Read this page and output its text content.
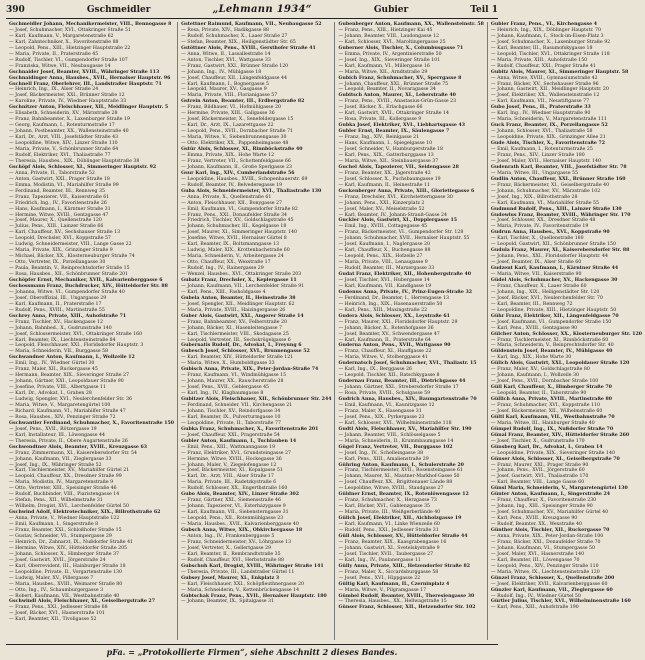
390	Gschmeidler	„Lehmann 1934“	Gubier	Teil 1

Gschmeidler Johann, Mechanikermeister, VIII., Bennogasse 8

— Josef, Schuhmacher, XVI., Ottakringer Straße 51

— Karl, Kaufmann, V., Margaretenstraße 62

— Karl, Zahntechniker, X., Favoritenstraße 88

— Leopold, Pens., XIII., Hietzinger Hauptstraße 22

— Maria, Private, II., Praterstraße 45

— Rudolf, Tischler, VI., Gumpendorfer Straße 107

— Franziska, Witwe, VII., Neubaugasse 14

Gschnaider Josef, Beamter, XVIII., Währinger Straße 113

Gschnaidinger Anna, Hausbes., XVII., Hernalser Hauptstr. 96

Gschnell Franz, Oberlehrer, III., Landstraßer Hauptstr. 71

— Heinrich, Ing., IX., Alser Straße 24

— Josef, Bäckermeister, XXI., Brünner Straße 12

— Karoline, Private, IV., Wiedner Hauptstraße 33

Gschnitzer Anton, Fleischhauer, XII., Meidlinger Hauptstr. 5

— Elisabeth, Schneiderin, XV., Märzstraße 28

— Franz, Bahnbeamter, X., Laxenburger Straße 19

— Georg, Kaufmann, I., Rotenturmstraße 17

— Johann, Postbeamter, XX., Wallensteinstraße 40

— Karl, Dr., Arzt, VIII., Josefstädter Straße 43

— Leopoldine, Witwe, XIV., Linzer Straße 110

— Maria, Private, V., Schönbrunner Straße 64

— Rudolf, Elektriker, XVI., Thaliastraße 77

— Theresia, Hausbes., XIX., Döblinger Hauptstraße 38

Gschöpf Alois, Schlosser, XI., Simmeringer Hauptstr. 92

— Anna, Private, II., Taborstraße 52

— Anton, Gastwirt, XXI., Prager Straße 18

— Emma, Modistin, VI., Mariahilfer Straße 99

— Ferdinand, Beamter, III., Rennweg 35

— Franz, Tapezierer, VII., Kaiserstraße 61

— Friedrich, Ing., IV., Favoritenstraße 26

— Hans, Kaufmann, I., Kärntner Straße 31

— Hermine, Witwe, XVIII., Gentzgasse 47

— Josef, Maurer, X., Quellenstraße 120

— Julius, Pens., XIII., Lainzer Straße 66

— Karl, Chauffeur, XV., Sechshauser Straße 13

— Leopold, Drechsler, XVI., Koppstraße 57

— Ludwig, Schneidermeister, VIII., Lange Gasse 22

— Maria, Private, XIX., Grinzinger Straße 9

— Michael, Bäcker, XX., Klosterneuburger Straße 74

— Otto, Vertreter, IX., Porzellangasse 30

— Paula, Beamtin, V., Reinprechtsdorfer Straße 15

— Rosa, Hausbes., XII., Schönbrunner Straße 201

Gschöpfer Ernst, Mechaniker, XVII., Kalvarienberggasse 6

Gschossmann Franz, Buchdrucker, XIV., Hütteldorfer Str. 88

— Johanna, Witwe, VI., Gumpendorfer Straße 40

— Josef, Oberoffizial, III., Ungargasse 29

— Karl, Kaufmann, II., Praterstraße 17

— Rudolf, Pens., XVIII., Martinstraße 55

Gschrey Anna, Private, XIII., Auhofstraße 71

— Franz, Tischler, XV., Hackengasse 12

— Johann, Bahnbed., X., Gudrunstraße 140

— Josef, Schlossermeister, XVI., Ottakringer Straße 160

— Karl, Beamter, IX., Liechtensteinstraße 84

— Leopold, Fleischhauer, XXI., Floridsdorfer Hauptstr. 3

— Maria, Schneiderin, VII., Burggasse 58

Gschwandner Anton, Kaufmann, I., Wollzeile 12

— Emil, Ing., IV., Wiedner Gürtel 30

— Franz, Maler, XII., Ruckergasse 45

— Hermann, Beamter, XIX., Sieveringer Straße 27

— Johann, Gärtner, XXI., Leopoldauer Straße 90

— Josefine, Private, VIII., Albertgasse 11

— Karl, Dr., Advokat, I., Graben 28

— Ludwig, Spengler, XVI., Neulerchenfelder Str. 36

— Maria, Witwe, V., Margaretengürtel 100

— Richard, Kaufmann, VI., Mariahilfer Straße 47

— Rosa, Hausbes., XIV., Penzinger Straße 72

Gschwantler Ferdinand, Schuhmacher, X., Favoritenstraße 150

— Josef, Pens., XVII., Rötzergasse 19

— Karl, Installateur, III., Löwengasse 44

— Theresia, Private, II., Obere Augartenstraße 26

Gschwendtner Alois, Beamter, XVIII., Kreuzgasse 63

— Franz, Zimmermann, XI., Kaiserebersdorfer Str. 54

— Johann, Kaufmann, VII., Zieglergasse 33

— Josef, Ing., IX., Währinger Straße 52

— Karl, Tischlermeister, XV., Mariahilfer Gürtel 21

— Leopold, Chauffeur, XX., Dresdner Straße 99

— Maria, Modistin, IV., Margaretenstraße 9

— Otto, Vertreter, XIII., Speisinger Straße 46

— Rudolf, Buchbinder, VIII., Piaristengasse 14

— Stefan, Pens., XII., Wilhelmstraße 31

— Wilhelm, Drogist, XVI., Lerchenfelder Gürtel 50

Gschwind Adolf, Elektrotechniker, XIX., Billrothstraße 62

— Anna, Private, V., Wiedner Hauptstraße 122

— Emil, Kaufmann, I., Singerstraße 8

— Franz, Beamter, XXI., Schloßhofer Straße 15

— Gustav, Schneider, VI., Stumpergasse 29

— Heinrich, Dr., Zahnarzt, IX., Nußdorfer Straße 41

— Hermine, Witwe, XIV., Hütteldorfer Straße 205

— Johann, Schlosser, X., Himberger Straße 37

— Josef, Gastwirt, XVII., Jörgerstraße 24

— Karl, Oberrevident, III., Hainburger Straße 18

— Leopoldine, Private, II., Vorgartenstraße 130

— Ludwig, Maler, XV., Pillergasse 7

— Maria, Hausbes., XVIII., Weimarer Straße 80

— Otto, Ing., IV., Schaumburgergasse 3

— Robert, Kaufmann, VII., Westbahnstraße 40

Gschwindl Alois, Fleischhauer, XI., Geiselbergstraße 27

— Franz, Pens., XXI., Jedleseer Straße 68

— Josef, Bäcker, XVI., Hasnerstraße 101

— Karl, Beamter, XII., Tivoligasse 52

Gstettner Raimund, Kaufmann, VII., Neubaugasse 52

— Rosa, Private, XIV., Hadikgasse 88

— Rudolf, Schuhmacher, X., Laaer Straße 27

— Stefan, Beamter, XIX., Heiligenstädter Str. 65

Gstöttner Alois, Pens., XVIII., Gersthofer Straße 41

— Anna, Witwe, II., Lassallestraße 14

— Anton, Tischler, XVI., Wattgasse 33

— Franz, Gastwirt, XXI., Brünner Straße 120

— Johann, Ing., IV., Mühlgasse 18

— Josef, Chauffeur, XII., Längenfeldgasse 44

— Karl, Kaufmann, I., Bognergasse 5

— Leopold, Maurer, XV., Gasgasse 9

— Maria, Private, VIII., Florianigasse 57

Gstrein Anton, Beamter, III., Erdbergstraße 82

— Franz, Bildhauer, VI., Hofmühlgasse 20

— Hermine, Private, XIII., Gallgasse 36

— Josef, Bäckermeister, X., Senefeldergasse 15

— Karl, Dr., Arzt, IX., Lazarettgasse 22

— Leopold, Pens., XVII., Dornbacher Straße 71

— Maria, Witwe, V., Siebenbrunnengasse 30

— Otto, Elektriker, XX., Pappenheimgasse 48

Gstür Alois, Schlosser, XI., Rinnböckstraße 40

— Emma, Private, XIX., Hohe Warte 12

— Franz, Vertreter, VII., Schottenfeldgasse 66

— Johann, Kaufmann, II., Große Sperlgasse 23

Gsur Karl, Ing., XIV., Cumberlandstraße 56

— Leopoldine, Hausbes., XVIII., Schopenhauerstr. 69

— Rudolf, Beamter, IV., Belvederegasse 19

Guba Alois, Schneidermeister, XVI., Thaliastraße 130

— Anna, Private, X., Quellenstraße 61

— Anton, Fleischhauer, XII., Bonygasse 27

— Emil, Kaufmann, VI., Gumpendorfer Straße 82

— Franz, Pens., XXI., Donaufelder Straße 34

— Friedrich, Tischler, XV., Goldschlagstraße 45

— Johann, Schuhmacher, III., Kegelgasse 18

— Josef, Maurer, XI., Simmeringer Hauptstr. 140

— Josefine, Witwe, XVII., Hernalser Gürtel 8

— Karl, Beamter, IX., Boltzmanngasse 13

— Ludwig, Maler, XIX., Krottenbachstraße 60

— Maria, Schneiderin, V., Arbeitergasse 24

— Otto, Chauffeur, XX., Wexstraße 17

— Rudolf, Ing., IV., Rainergasse 29

— Wenzel, Hausbes., XVI., Ottakringer Straße 203

Gubatz Franz, Drechsler, X., Keplergasse 11

— Johann, Kaufmann, VII., Lerchenfelder Straße 91

— Karl, Pens., XIII., Fasholdgasse 4

Gubela Anton, Beamter, II., Heinestraße 38

— Josef, Spengler, XII., Meidlinger Hauptstr. 62

— Maria, Private, XVIII., Haizingergasse 26

Guber Alois, Gastwirt, XXI., Angerer Straße 14

— Franz, Bahnbeamter, XV., Felberstraße 20

— Johann, Bäcker, XI., Hasenleitengasse 7

— Karl, Tischlermeister, VIII., Skodagasse 25

— Leopold, Vertreter, III., Sechskrügelgasse 6

Gubernatis Rudolf, Dr., Advokat, I., Freyung 6

Gubesch Josef, Schlosser, XVI., Brunnengasse 52

— Karl, Beamter, XIV., Hütteldorfer Straße 121

— Maria, Witwe, X., Humboldtgasse 33

Gubisch Anna, Private, XIX., Peter-Jordan-Straße 74

— Franz, Kaufmann, VI., Windmühlgasse 15

— Johann, Maurer, XX., Rauscherstraße 28

— Josef, Pens., XVII., Geblergasse 45

— Karl, Ing., IV., Klagbaumgasse 8

Gubitzer Alois, Fleischhauer, XII., Schönbrunner Str. 244

— Ferdinand, Schneider, VII., Kirchengasse 21

— Johann, Tischler, XV., Reindorfgasse 34

— Karl, Beamter, IX., Pulverturmgasse 10

— Leopoldine, Private, II., Taborstraße 77

Gubka Franz, Schuhmacher, X., Favoritenstraße 201

— Josef, Chauffeur, XXI., Pragerstraße 54

Gubler Anton, Kaufmann, I., Tuchlauben 14

— Emil, Pens., XIII., Wattmanngasse 19

— Franz, Elektriker, XVI., Grundsteingasse 27

— Hermine, Witwe, XVIII., Hockegasse 36

— Johann, Maler, V., Ziegelofengasse 12

— Josef, Bäckermeister, XI., Kopalgasse 51

— Karl, Dr., Arzt, VIII., Alser Straße 17

— Maria, Private, III., Radetzkystraße 6

— Rudolf, Schlosser, XX., Engerthstraße 160

Gubo Alois, Beamter, XIV., Linzer Straße 302

— Franz, Gärtner, XXI., Siemensstraße 46

— Johann, Tapezierer, VI., Esterházygasse 9

— Karl, Kaufmann, VII., Siebensterngasse 31

— Leopold, Pens., XII., Rotenmühlgasse 23

— Maria, Hausbes., XVII., Kalvarienberggasse 40

Gubsch Anna, Witwe, XIX., Obkirchergasse 18

— Anton, Ing., IV., Frankenberggasse 5

— Franz, Schneidermeister, XV., Löhrgasse 13

— Josef, Vertreter, X., Gellertgasse 29

— Karl, Beamter, II., Rembrandtstraße 35

— Rudolf, Chauffeur, XVI., Herbststraße 88

Gubschuh Karl, Drogist, XVIII., Währinger Straße 141

— Theresia, Private, III., Landstraßer Gürtel 11

Gubsey Josef, Maurer, XI., Enkplatz 3

— Karl, Fleischhauer, XXI., Schöpfleuthnergasse 20

— Maria, Schneiderin, V., Kettenbrückengasse 14

Gubtschak Franz, Pens., XVII., Hernalser Hauptstr. 180

— Johann, Beamter, IX., Spitalgasse 31

Gubenberger Anton, Kaufmann, XX., Wallensteinstr. 58

— Franz, Pens., XIII., Hietzinger Kai 45

— Johann, Beamter, VIII., Laudongasse 12

— Karl, Schlosser, XVI., Maroltingergasse 25

Guberner Alois, Tischler, X., Columbusgasse 71

— Emma, Private, IV., Argentinierstraße 50

— Josef, Ing., XIX., Sieveringer Straße 101

— Karl, Kaufmann, VI., Millergasse 16

— Maria, Witwe, XII., Arndtstraße 29

Gubich Franz, Schuhmacher, XV., Sperrgasse 8

— Johann, Chauffeur, XXI., Brünner Straße 75

— Leopold, Beamter, II., Novaragasse 34

Gubitsch Anton, Maurer, XI., Leberstraße 40

— Franz, Pens., XVIII., Anastasius-Grün-Gasse 23

— Josef, Bäcker, X., Erlachgasse 66

— Karl, Gastwirt, XVII., Ottakringer Straße 14

— Rosa, Private, III., Kollergasse 9

Gubka Josef, Elektriker, XVI., Liebhartsgasse 43

Gubler Ernst, Beamter, IX., Säulengasse 7

— Franz, Ing., XIV., Reinlgasse 21

— Hans, Kaufmann, I., Spiegelgasse 10

— Josef, Schneider, V., Hamburgerstraße 18

— Karl, Pens., XIX., Gatterburggasse 13

— Maria, Witwe, XII., Steinbauergasse 37

Guchel Alois, Tapezierer, VII., Seidengasse 28

— Franz, Beamter, XX., Jägerstraße 42

— Josef, Schlosser, X., Puchsbaumgasse 19

— Karl, Kaufmann, II., Heinestraße 11

Guckenberger Anna, Private, XIII., Gloriettegasse 6

— Franz, Drechsler, XVI., Kirchstetterngasse 30

— Johann, Pens., XXI., Kinzerplatz 2

— Josef, Maler, XV., Meiselstraße 52

— Karl, Beamter, IV., Johann-Strauß-Gasse 24

Guckler Alois, Gastwirt, XI., Dopplergasse 15

— Emil, Ing., XVIII., Cottagegasse 45

— Franz, Bäckermeister, VI., Gumpendorfer Str. 128

— Johann, Schuhmacher, XVII., Hernalser Hauptstr. 55

— Josef, Kaufmann, I., Naglergasse 20

— Karl, Chauffeur, X., Buchengasse 88

— Leopold, Pens., XIX., Hofzeile 27

— Maria, Private, VIII., Lenaugasse 9

— Rudolf, Beamter, III., Marxergasse 33

Gudat Franz, Elektriker, XII., Hohenbergstraße 40

— Josef, Tischler, XVI., Hubergasse 14

— Karl, Kaufmann, VII., Kandlgasse 19

Gudenus Anna, Private, IV., Prinz-Eugen-Straße 32

— Ferdinand, Dr., Beamter, I., Herrengasse 13

— Heinrich, Ing., XIX., Hasenauerstraße 50

— Karl, Pens., XIII., Maxingstraße 22

Gudera Alois, Schlosser, XX., Leystraße 61

— Franz, Maurer, XXI., Floridsdorfer Hauptstr. 29

— Johann, Bäcker, X., Rotenhofgasse 36

— Josef, Beamter, XV., Schwendergasse 47

— Karl, Kaufmann, II., Praterstraße 64

Guderna Anton, Pens., XVII., Wattgasse 90

— Franz, Chauffeur, XI., Hauffgasse 22

— Maria, Witwe, V., Stolberggasse 41

Gudernatsch Josef, Schuhmacher, XVI., Thaliastr. 15

— Karl, Ing., IX., Berggasse 26

— Leopold, Tischler, XII., Ratschkygasse 8

Gudernau Franz, Beamter, III., Dietrichgasse 44

— Johann, Gärtner, XXI., Strebersdorfer Straße 17

— Rosa, Private, XVIII., Schulgasse 59

Gudrich Anna, Hausbes., XIV., Baumgartenstraße 70

— Emil, Kaufmann, VI., Kaunitzgasse 12

— Franz, Maler, X., Hasengasse 31

— Josef, Pens., XIX., Pyrkergasse 23

— Karl, Schlosser, XVI., Wilhelminenstraße 118

Gudtl Alois, Fleischhauer, XV., Mariahilfer Str. 190

— Johann, Beamter, VIII., Schlösselgasse 5

— Maria, Schneiderin, II., Krummbaumgasse 14

Gügel Franz, Vertreter, VII., Burggasse 102

— Josef, Ing., IV., Schelleingasse 38

— Karl, Pens., XIII., Amalienstraße 29

Gühring Anton, Kaufmann, I., Schulerstraße 20

— Franz, Tischlermeister, XVII., Rosensteingasse 61

— Johann, Maurer, XI., Mautner-Markhof-Gasse 50

— Josef, Chauffeur, XX., Brigittenauer Lände 88

— Leopoldine, Witwe, XVIII., Staudgasse 27

Güldner Ernst, Beamter, IX., Rotenlöwengasse 12

— Franz, Schuhmacher, X., Herzgasse 73

— Karl, Bäcker, XVI., Gablenzgasse 35

— Maria, Private, III., Weißgerberlände 40

Gülich Josef, Elektriker, XII., Aichholzgasse 19

— Karl, Kaufmann, VI., Linke Wienzeile 60

— Rudolf, Pens., XXI., Jedleseer Straße 31

Güll Alois, Schlosser, XV., Hütteldorfer Straße 44

— Franz, Beamter, XIX., Kaasgrabengasse 16

— Johann, Gastwirt, XI., Svetelskystraße 9

— Josef, Tischler, XVII., Taubergasse 27

— Karl, Ing., IV., Paulanergasse 11

Gülly Anna, Private, XIII., Hetzendorfer Straße 82

— Franz, Maler, X., Siccardsburggasse 58

— Josef, Pens., XVI., Hippgasse 22

Gültig Karl, Kaufmann, II., Czerninplatz 4

— Maria, Witwe, V., Pilgramgasse 17

Gümbel Rudolf, Beamter, XVIII., Theresiengasse 30

— Theresia, Hausbes., XX., Hellwagstraße 15

Günser Franz, Schlosser, XII., Hetzendorfer Str. 102

Gubier Franz, Pens., VI., Kirchengasse 4

— Heinrich, Ing., XIX., Döblinger Hauptstr. 70

— Johann, Kaufmann, I., Stock-im-Eisen-Platz 3

— Josef, Schuhmacher, X., Laxenburger Straße 92

— Karl, Beamter, III., Rasumofskygasse 18

— Leopold, Tischler, XVI., Ottakringer Straße 118

— Maria, Private, XIII., Auhofstraße 150

— Rudolf, Chauffeur, XXI., Prager Straße 41

Gubitz Alois, Maurer, XI., Simmeringer Hauptstr. 58

— Anna, Witwe, XVIII., Gymnasiumstraße 42

— Franz, Bäcker, XV., Sechshauser Straße 96

— Johann, Gastwirt, XII., Meidlinger Hauptstr. 20

— Josef, Elektriker, XX., Wallensteinstraße 12

— Karl, Kaufmann, VII., Neustiftgasse 77

Gubo Josef, Pens., II., Praterstraße 33

— Karl, Ing., IV., Wiedner Hauptstraße 90

— Maria, Schneiderin, V., Margaretenstraße 111

Guck Franz, Beamter, IX., Porzellangasse 52

— Johann, Schlosser, XVI., Thaliastraße 58

— Leopoldine, Private, XIX., Grinzinger Allee 21

Gude Alois, Tischler, X., Favoritenstraße 72

— Emil, Kaufmann, I., Rotenturmstraße 25

— Franz, Pens., XIV., Linzer Straße 180

— Josef, Maler, XVII., Hernalser Hauptstr. 140

Gudenrath Karl, Beamter, VIII., Josefstädter Str. 78

— Maria, Witwe, III., Ungargasse 55

Gudlin Anton, Chauffeur, XXI., Brünner Straße 160

— Franz, Bäckermeister, XI., Geiselbergstraße 40

— Johann, Schuhmacher, XV., Märzstraße 102

— Josef, Ing., XIX., Billrothstraße 28

— Karl, Kaufmann, VI., Mariahilfer Straße 55

Gudmund Rudolf, Pens., XIII., Lainzer Straße 130

Gudowius Franz, Beamter, XVIII., Währinger Str. 170

— Josef, Schlosser, XX., Dresdner Straße 48

— Maria, Private, IV., Favoritenstraße 19

Gudrun Anna, Hausbes., XVI., Koppstraße 90

— Karl, Tischler, X., Quellenstraße 180

— Leopold, Gastwirt, XII., Schönbrunner Straße 150

Gudula Franz, Maurer, XI., Kaiserebersdorfer Str. 88

— Johann, Pens., XXI., Floridsdorfer Hauptstr. 44

— Josef, Beamter, IX., Alser Straße 60

Gudzent Karl, Kaufmann, I., Kärntner Straße 44

— Maria, Witwe, VII., Kaiserstraße 90

Güdel Alois, Schuhmacher, XV., Hackengasse 30

— Franz, Chauffeur, X., Laaer Straße 60

— Johann, Ing., XIX., Heiligenstädter Str. 120

— Josef, Bäcker, XVI., Neulerchenfelder Str. 70

— Karl, Beamter, III., Rennweg 72

— Leopoldine, Private, XIII., Hietzinger Hauptstr. 50

Gühr Franz, Elektriker, XII., Längenfeldgasse 70

— Josef, Kaufmann, VI., Gumpendorfer Straße 150

— Karl, Pens., XVIII., Gentzgasse 90

Gülcher Anton, Schlosser, XX., Klosterneuburger Str. 120

— Franz, Tischlermeister, XI., Rinnböckstraße 60

— Maria, Schneiderin, V., Reinprechtsdorfer Str. 40

Güldenstein Josef, Beamter, IV., Mühlgasse 40

— Karl, Ing., XIX., Hohe Warte 30

Gülich Alois, Gastwirt, XXI., Leopoldauer Straße 120

— Franz, Maler, XV., Goldschlagstraße 80

— Johann, Kaufmann, I., Wollzeile 30

— Josef, Pens., XVII., Dornbacher Straße 100

Güll Karl, Chauffeur, X., Himberger Straße 70

— Leopold, Beamter, II., Taborstraße 90

Güllich Anna, Private, XVIII., Martinstraße 80

— Franz, Schuhmacher, XVI., Koppstraße 110

— Josef, Bäckermeister, XII., Wilhelmstraße 60

Gültl Karl, Kaufmann, VII., Westbahnstraße 70

— Maria, Witwe, III., Hainburger Straße 40

Gümpel Rudolf, Ing., IX., Nußdorfer Straße 70

Günal Franz, Beamter, XIV., Hütteldorfer Straße 260

— Josef, Tischler, X., Gudrunstraße 170

Günsberg Karl, Dr., Advokat, I., Graben 14

— Leopoldine, Private, XIX., Sieveringer Straße 140

Günser Alois, Schlosser, XI., Geiselbergstraße 70

— Franz, Maurer, XXI., Prager Straße 90

— Johann, Pens., XVII., Jörgerstraße 60

— Josef, Gastwirt, XVI., Thaliastraße 170

— Karl, Beamter, VIII., Lange Gasse 60

Günsl Maria, Schneiderin, V., Margaretengürtel 130

Günter Anton, Kaufmann, I., Singerstraße 24

— Franz, Chauffeur, X., Favoritenstraße 230

— Johann, Ing., XIII., Speisinger Straße 90

— Josef, Schuhmacher, XV., Mariahilfer Gürtel 40

— Karl, Pens., XVIII., Kreuzgasse 90

— Rudolf, Beamter, XX., Wexstraße 40

Günther Alois, Tischler, XII., Ruckergasse 70

— Anna, Private, XIX., Peter-Jordan-Straße 100

— Franz, Bäcker, XXI., Donaufelder Straße 70

— Johann, Kaufmann, VI., Stumpergasse 50

— Josef, Maler, XVI., Hasnerstraße 140

— Karl, Beamter, III., Löwengasse 70

— Leopold, Pens., XIV., Penzinger Straße 110

— Maria, Witwe, IX., Liechtensteinstraße 120

Günzel Franz, Schlosser, X., Quellenstraße 200

— Josef, Elektriker, XVII., Kalvarienberggasse 60

Günzler Karl, Kaufmann, VII., Zieglergasse 60

— Rudolf, Ing., IV., Wiedner Gürtel 50

Gürtler Julius, Tischler, XVI., Wilhelminenstraße 160

— Karl, Pens., XIII., Auhofstraße 190

pFa. = „Protokollierte Firmen“, siehe Abschnitt 2 dieses Bandes.
